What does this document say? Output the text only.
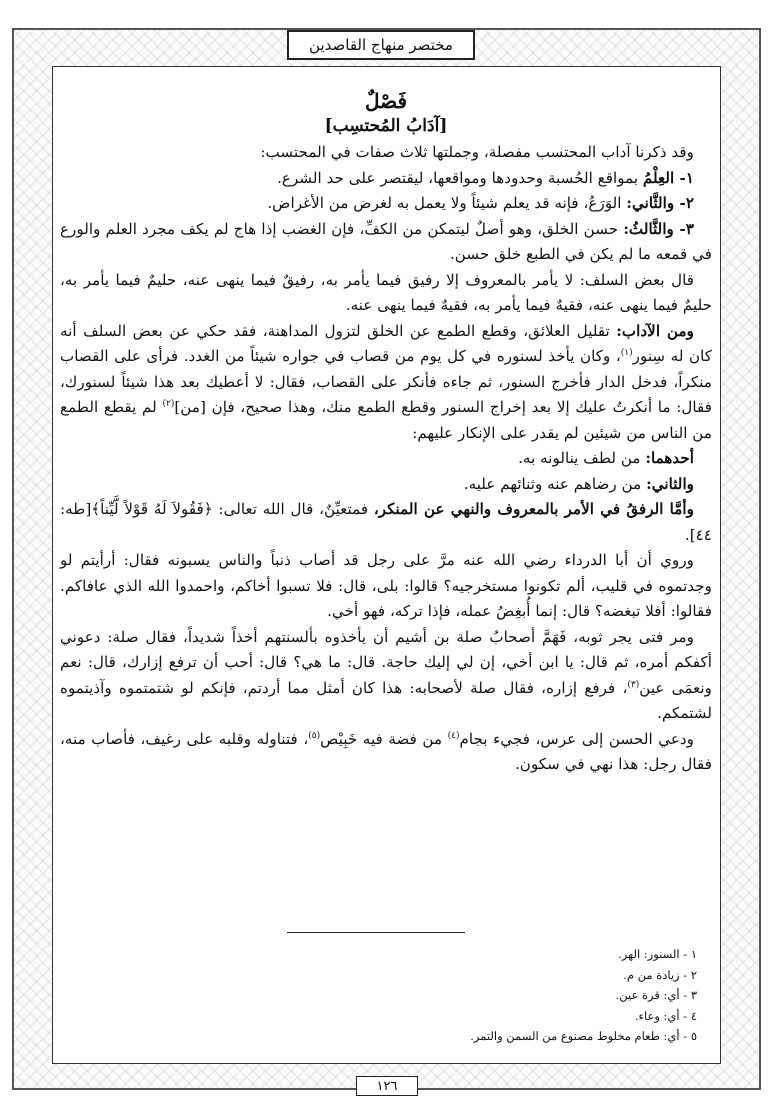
مختصر منهاج القاصدين
فَصْلٌ
[آدَابُ المُحتسِب]

وقد ذكرنا آداب المحتسب مفصلة، وجملتها ثلاث صفات في المحتسب:

١- العِلْمُ بمواقع الحُسبة وحدودها ومواقعها، ليقتصر على حد الشرع.

٢- والثَّاني: الوَرَعُ، فإنه قد يعلم شيئاً ولا يعمل به لغرض من الأغراض.

٣- والثَّالثُ: حسن الخلق، وهو أصلٌ ليتمكن من الكفِّ، فإن الغضب إذا هاج لم يكف مجرد العلم والورع في قمعه ما لم يكن في الطبع خلق حسن.

قال بعض السلف: لا يأمر بالمعروف إلا رفيق فيما يأمر به، رفيقٌ فيما ينهى عنه، حليمٌ فيما يأمر به، حليمٌ فيما ينهى عنه، فقيهٌ فيما يأمر به، فقيهٌ فيما ينهى عنه.

ومن الآداب: تقليل العلائق، وقطع الطمع عن الخلق لتزول المداهنة، فقد حكي عن بعض السلف أنه كان له سِنور$^{(١)}$، وكان يأخذ لسنوره في كل يوم من قصاب في جواره شيئاً من الغدد. فرأى على القصاب منكراً، فدخل الدار فأخرج السنور، ثم جاءه فأنكر على القصاب، فقال: لا أعطيك بعد هذا شيئاً لسنورك، فقال: ما أنكرتُ عليك إلا بعد إخراج السنور وقطع الطمع منك، وهذا صحيح، فإن [من]$^{(٢)}$ لم يقطع الطمع من الناس من شيئين لم يقدر على الإنكار عليهم:

أحدهما: من لطف ينالونه به.

والثاني: من رضاهم عنه وثنائهم عليه.

وأمَّا الرفقُ في الأمر بالمعروف والنهي عن المنكر، فمتعيِّنٌ، قال الله تعالى: ﴿فَقُولاَ لَهُ قَوْلاً لَّيِّناً﴾[طه: ٤٤].

وروي أن أبا الدرداء رضي الله عنه مرَّ على رجل قد أصاب ذنباً والناس يسبونه فقال: أرأيتم لو وجدتموه في قليب، ألم تكونوا مستخرجيه؟ قالوا: بلى، قال: فلا تسبوا أخاكم، واحمدوا الله الذي عافاكم. فقالوا: أفلا تبغضه؟ قال: إنما أُبغِضُ عمله، فإذا تركه، فهو أخي.

ومر فتى يجر ثوبه، فَهَمَّ أصحابُ صلة بن أشيم أن يأخذوه بألسنتهم أخذاً شديداً، فقال صلة: دعوني أكفكم أمره، ثم قال: يا ابن أخي، إن لي إليك حاجة. قال: ما هي؟ قال: أحب أن ترفع إزارك، قال: نعم ونعمَى عين$^{(٣)}$، فرفع إزاره، فقال صلة لأصحابه: هذا كان أمثل مما أردتم، فإنكم لو شتمتموه وآذيتموه لشتمكم.

ودعي الحسن إلى عرس، فجيء بجام$^{(٤)}$ من فضة فيه خَبِيْص$^{(٥)}$، فتناوله وقلبه على رغيف، فأصاب منه، فقال رجل: هذا نهي في سكون.

١ - السنور: الهر.
٢ - زيادة من م.
٣ - أي: قرة عين.
٤ - أي: وعاء.
٥ - أي: طعام مخلوط مصنوع من السمن والتمر.
١٢٦
